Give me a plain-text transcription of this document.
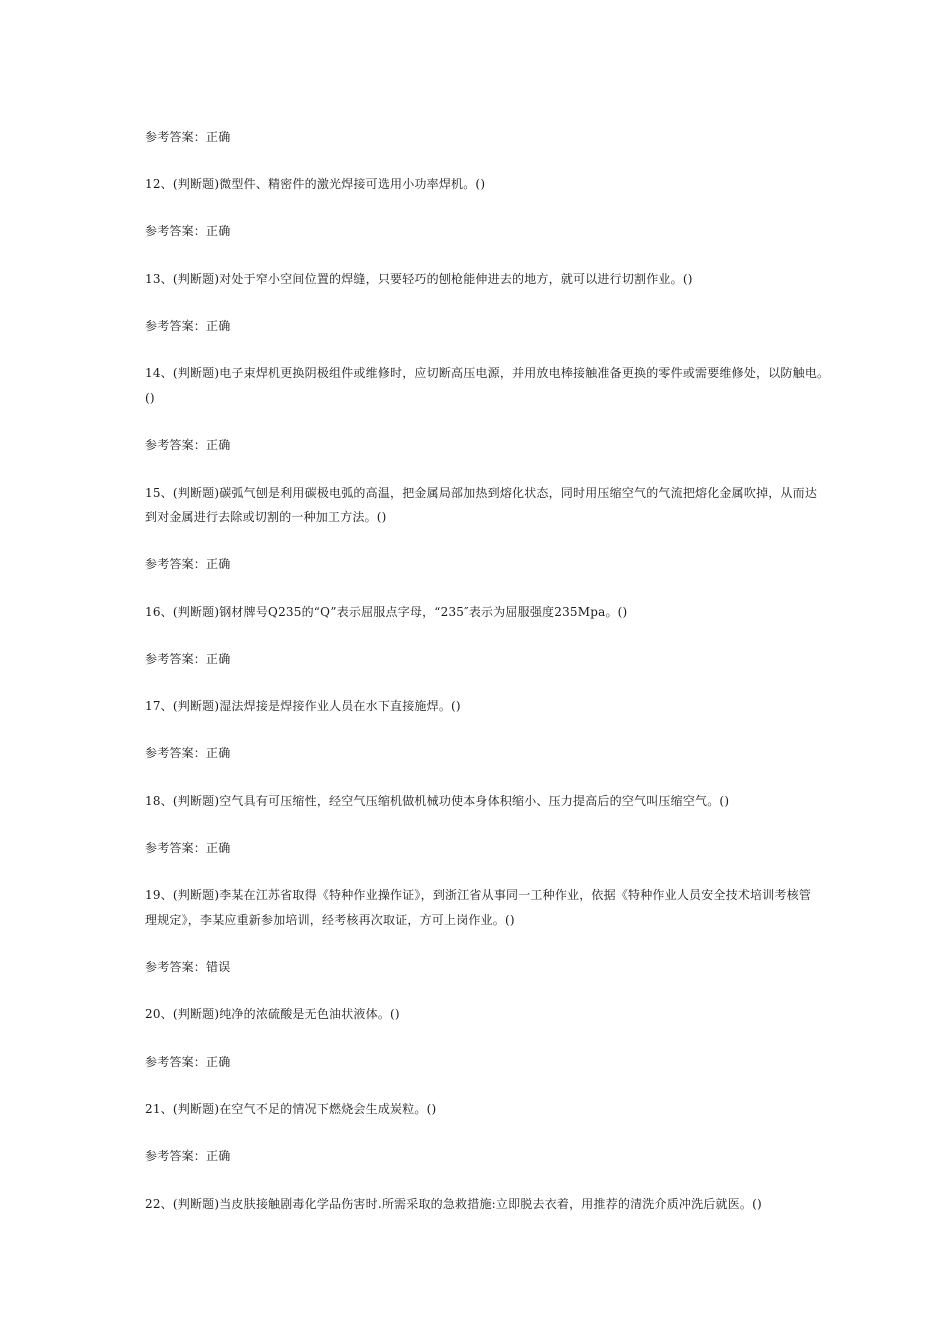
参考答案：正确
12、(判断题)微型件、精密件的激光焊接可选用小功率焊机。()
参考答案：正确
13、(判断题)对处于窄小空间位置的焊缝，只要轻巧的刨枪能伸进去的地方，就可以进行切割作业。()
参考答案：正确
14、(判断题)电子束焊机更换阴极组件或维修时，应切断高压电源，并用放电棒接触准备更换的零件或需要维修处，以防触电。
()
参考答案：正确
15、(判断题)碳弧气刨是利用碳极电弧的高温，把金属局部加热到熔化状态，同时用压缩空气的气流把熔化金属吹掉，从而达
到对金属进行去除或切割的一种加工方法。()
参考答案：正确
16、(判断题)钢材牌号Q235的“Q”表示屈服点字母，“235″表示为屈服强度235Mpa。()
参考答案：正确
17、(判断题)湿法焊接是焊接作业人员在水下直接施焊。()
参考答案：正确
18、(判断题)空气具有可压缩性，经空气压缩机做机械功使本身体积缩小、压力提高后的空气叫压缩空气。()
参考答案：正确
19、(判断题)李某在江苏省取得《特种作业操作证》，到浙江省从事同一工种作业，依据《特种作业人员安全技术培训考核管
理规定》，李某应重新参加培训，经考核再次取证，方可上岗作业。()
参考答案：错误
20、(判断题)纯净的浓硫酸是无色油状液体。()
参考答案：正确
21、(判断题)在空气不足的情况下燃烧会生成炭粒。()
参考答案：正确
22、(判断题)当皮肤接触剧毒化学品伤害时.所需采取的急救措施:立即脱去衣着，用推荐的清洗介质冲洗后就医。()
